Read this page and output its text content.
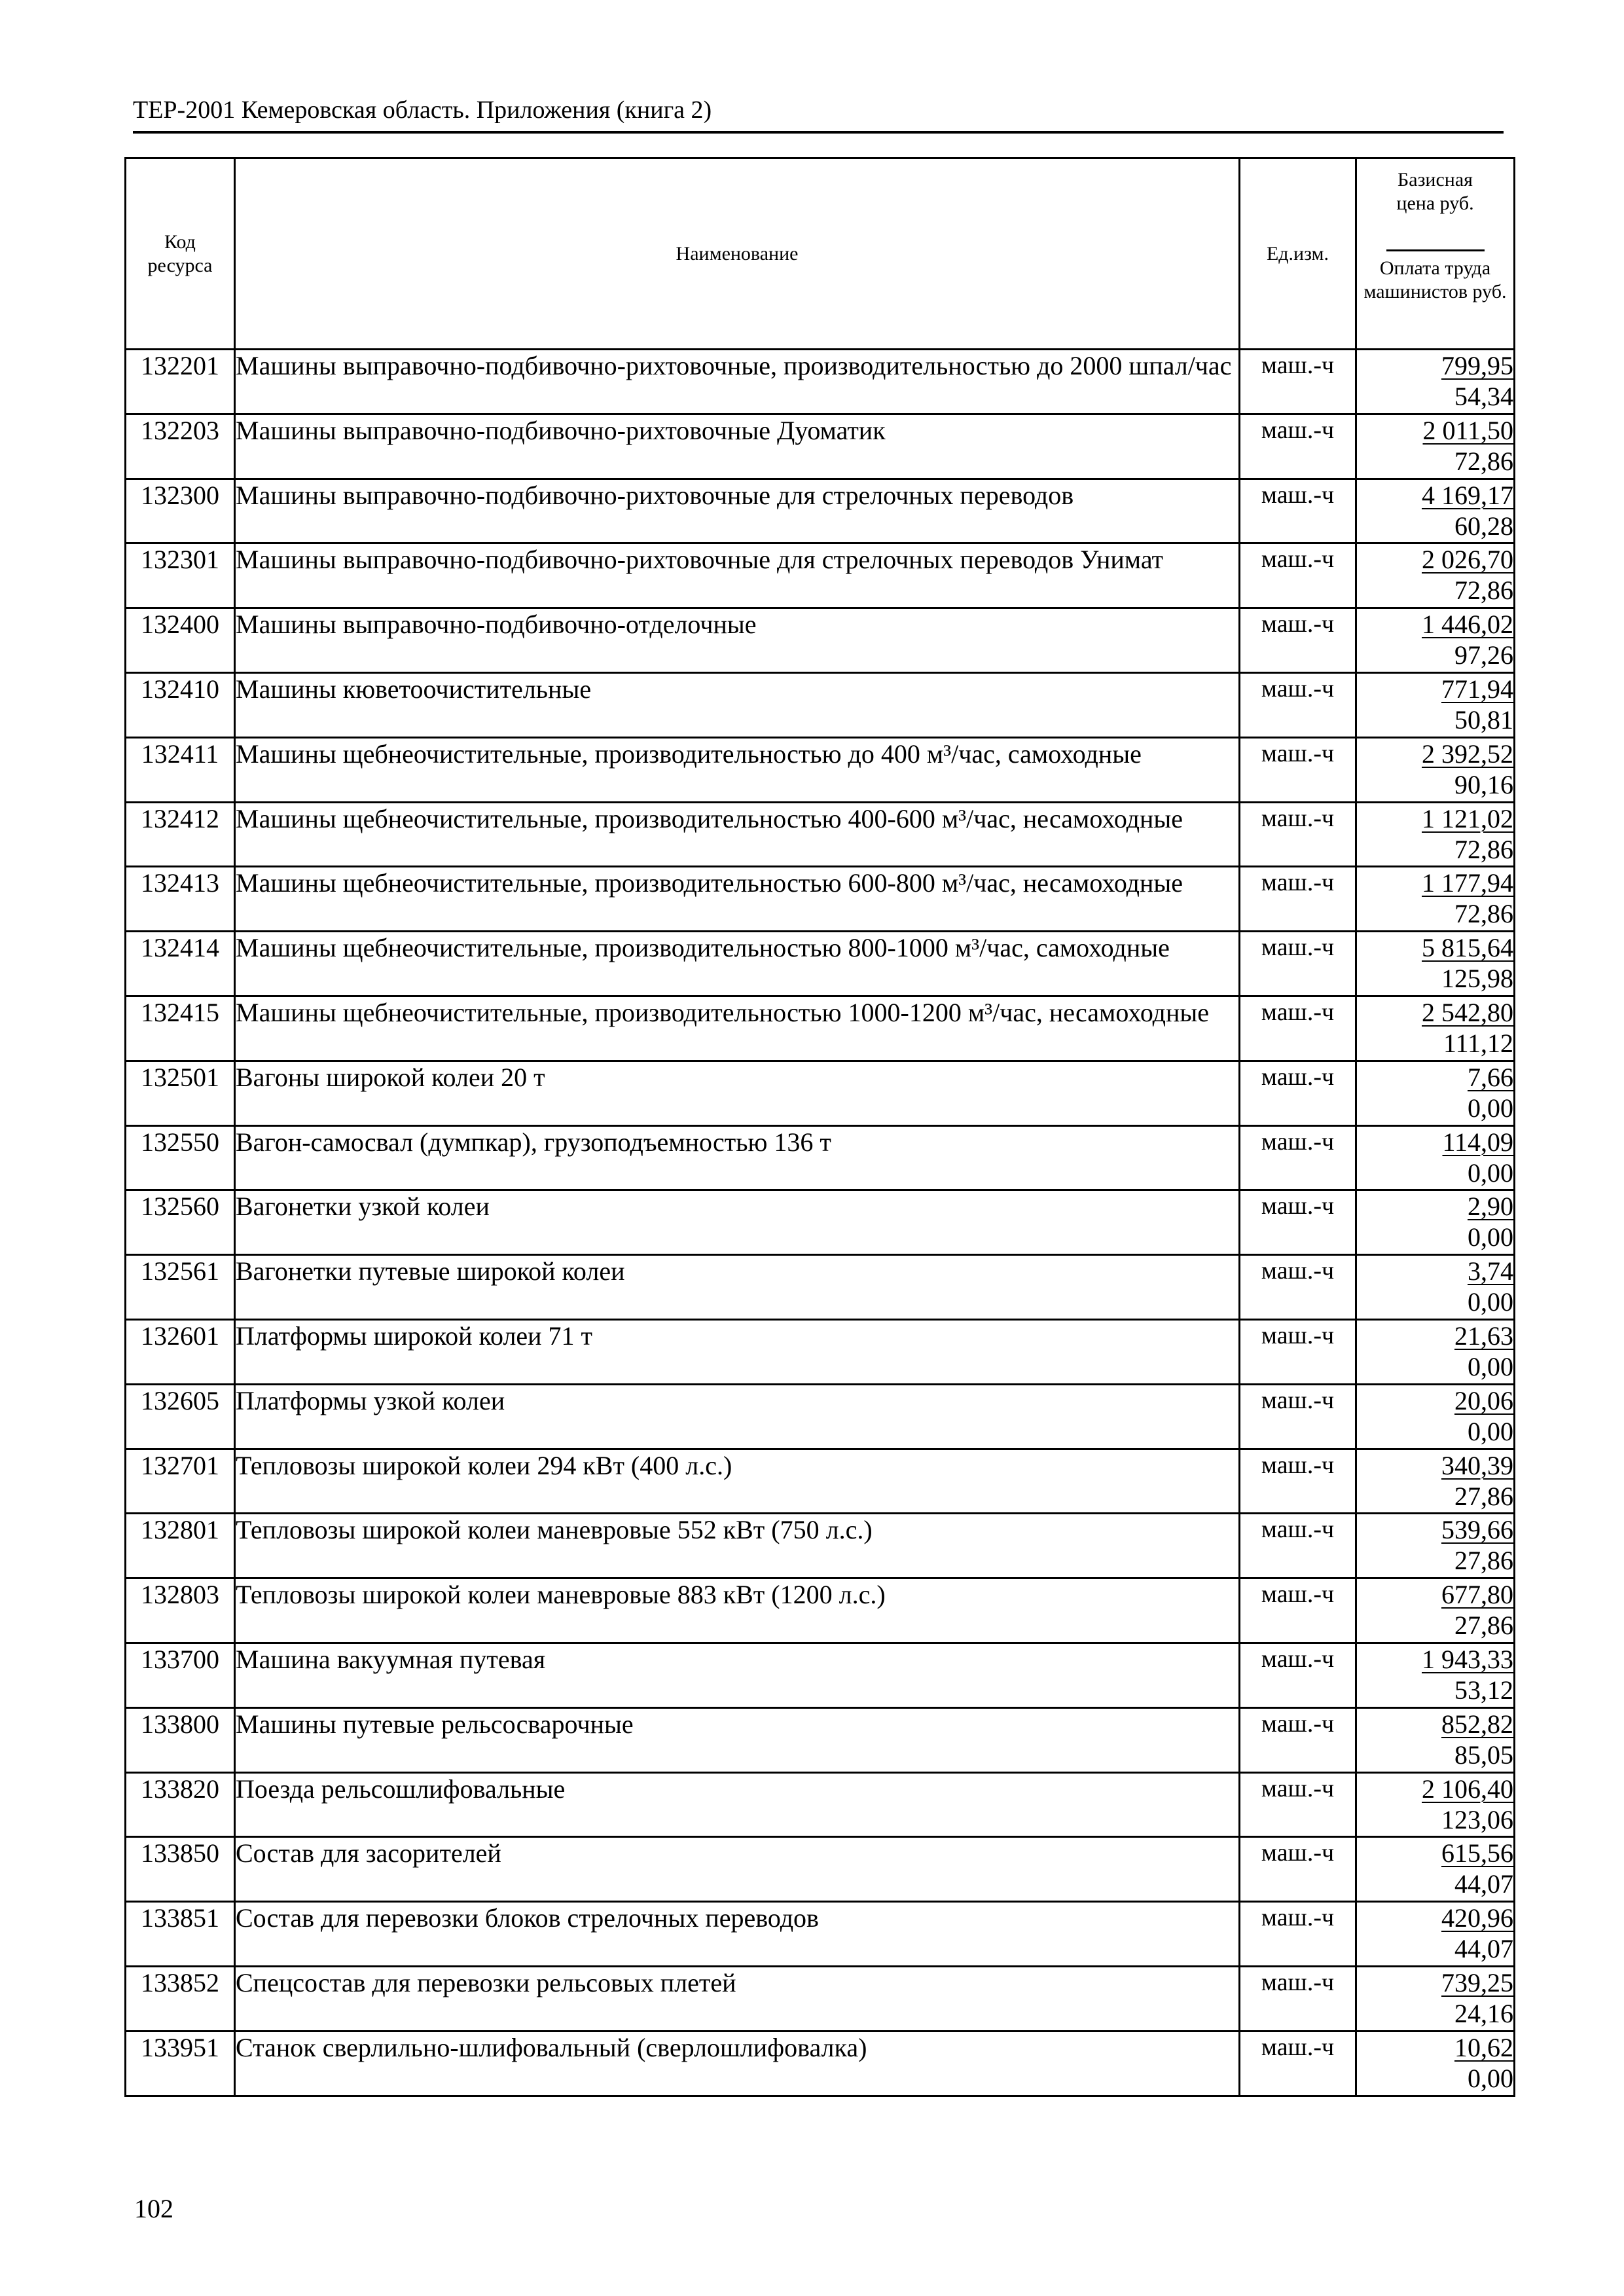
ТЕР-2001 Кемеровская область. Приложения (книга 2)
Код ресурса	Наименование	Ед.изм.	Базисная цена руб.
Оплата труда машинистов руб.

132201	Машины выправочно-подбивочно-рихтовочные, производительностью до 2000 шпал/час	маш.-ч	799,95
54,34

132203	Машины выправочно-подбивочно-рихтовочные Дуоматик	маш.-ч	2 011,50
72,86

132300	Машины выправочно-подбивочно-рихтовочные для стрелочных переводов	маш.-ч	4 169,17
60,28

132301	Машины выправочно-подбивочно-рихтовочные для стрелочных переводов Унимат	маш.-ч	2 026,70
72,86

132400	Машины выправочно-подбивочно-отделочные	маш.-ч	1 446,02
97,26

132410	Машины кюветоочистительные	маш.-ч	771,94
50,81

132411	Машины щебнеочистительные, производительностью до 400 м³/час, самоходные	маш.-ч	2 392,52
90,16

132412	Машины щебнеочистительные, производительностью 400-600 м³/час, несамоходные	маш.-ч	1 121,02
72,86

132413	Машины щебнеочистительные, производительностью 600-800 м³/час, несамоходные	маш.-ч	1 177,94
72,86

132414	Машины щебнеочистительные, производительностью 800-1000 м³/час, самоходные	маш.-ч	5 815,64
125,98

132415	Машины щебнеочистительные, производительностью 1000-1200 м³/час, несамоходные	маш.-ч	2 542,80
111,12

132501	Вагоны широкой колеи 20 т	маш.-ч	7,66
0,00

132550	Вагон-самосвал (думпкар), грузоподъемностью 136 т	маш.-ч	114,09
0,00

132560	Вагонетки узкой колеи	маш.-ч	2,90
0,00

132561	Вагонетки путевые широкой колеи	маш.-ч	3,74
0,00

132601	Платформы широкой колеи 71 т	маш.-ч	21,63
0,00

132605	Платформы узкой колеи	маш.-ч	20,06
0,00

132701	Тепловозы широкой колеи 294 кВт (400 л.с.)	маш.-ч	340,39
27,86

132801	Тепловозы широкой колеи маневровые 552 кВт (750 л.с.)	маш.-ч	539,66
27,86

132803	Тепловозы широкой колеи маневровые 883 кВт (1200 л.с.)	маш.-ч	677,80
27,86

133700	Машина вакуумная путевая	маш.-ч	1 943,33
53,12

133800	Машины путевые рельсосварочные	маш.-ч	852,82
85,05

133820	Поезда рельсошлифовальные	маш.-ч	2 106,40
123,06

133850	Состав для засорителей	маш.-ч	615,56
44,07

133851	Состав для перевозки блоков стрелочных переводов	маш.-ч	420,96
44,07

133852	Спецсостав для перевозки рельсовых плетей	маш.-ч	739,25
24,16

133951	Станок сверлильно-шлифовальный (сверлошлифовалка)	маш.-ч	10,62
0,00
102
